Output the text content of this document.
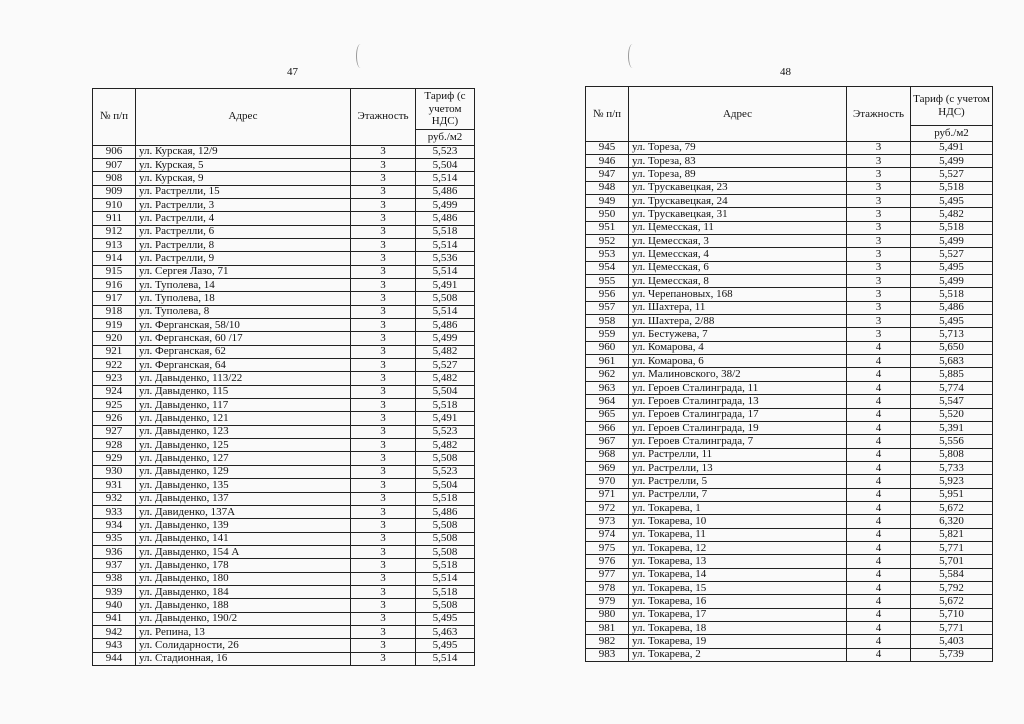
47
№ п/п	Адрес	Этажность	Тариф (с учетом НДС)
			руб./м2
906	ул. Курская, 12/9	3	5,523
907	ул. Курская, 5	3	5,504
908	ул. Курская, 9	3	5,514
909	ул. Растрелли, 15	3	5,486
910	ул. Растрелли, 3	3	5,499
911	ул. Растрелли, 4	3	5,486
912	ул. Растрелли, 6	3	5,518
913	ул. Растрелли, 8	3	5,514
914	ул. Растрелли, 9	3	5,536
915	ул. Сергея Лазо, 71	3	5,514
916	ул. Туполева, 14	3	5,491
917	ул. Туполева, 18	3	5,508
918	ул. Туполева, 8	3	5,514
919	ул. Ферганская, 58/10	3	5,486
920	ул. Ферганская, 60 /17	3	5,499
921	ул. Ферганская, 62	3	5,482
922	ул. Ферганская, 64	3	5,527
923	ул. Давыденко, 113/22	3	5,482
924	ул. Давыденко, 115	3	5,504
925	ул. Давыденко, 117	3	5,518
926	ул. Давыденко, 121	3	5,491
927	ул. Давыденко, 123	3	5,523
928	ул. Давыденко, 125	3	5,482
929	ул. Давыденко, 127	3	5,508
930	ул. Давыденко, 129	3	5,523
931	ул. Давыденко, 135	3	5,504
932	ул. Давыденко, 137	3	5,518
933	ул. Давиденко, 137А	3	5,486
934	ул. Давыденко, 139	3	5,508
935	ул. Давыденко, 141	3	5,508
936	ул. Давыденко, 154 А	3	5,508
937	ул. Давыденко, 178	3	5,518
938	ул. Давыденко, 180	3	5,514
939	ул. Давыденко, 184	3	5,518
940	ул. Давыденко, 188	3	5,508
941	ул. Давыденко, 190/2	3	5,495
942	ул. Репина, 13	3	5,463
943	ул. Солидарности, 26	3	5,495
944	ул. Стадионная, 16	3	5,514
48
№ п/п	Адрес	Этажность	Тариф (с учетом НДС)
			руб./м2
945	ул. Тореза, 79	3	5,491
946	ул. Тореза, 83	3	5,499
947	ул. Тореза, 89	3	5,527
948	ул. Трускавецкая, 23	3	5,518
949	ул. Трускавецкая, 24	3	5,495
950	ул. Трускавецкая, 31	3	5,482
951	ул. Цемесская, 11	3	5,518
952	ул. Цемесская, 3	3	5,499
953	ул. Цемесская, 4	3	5,527
954	ул. Цемесская, 6	3	5,495
955	ул. Цемесская, 8	3	5,499
956	ул. Черепановых, 168	3	5,518
957	ул. Шахтера, 11	3	5,486
958	ул. Шахтера, 2/88	3	5,495
959	ул. Бестужева, 7	3	5,713
960	ул. Комарова, 4	4	5,650
961	ул. Комарова, 6	4	5,683
962	ул. Малиновского, 38/2	4	5,885
963	ул. Героев Сталинграда, 11	4	5,774
964	ул. Героев Сталинграда, 13	4	5,547
965	ул. Героев Сталинграда, 17	4	5,520
966	ул. Героев Сталинграда, 19	4	5,391
967	ул. Героев Сталинграда, 7	4	5,556
968	ул. Растрелли, 11	4	5,808
969	ул. Растрелли, 13	4	5,733
970	ул. Растрелли, 5	4	5,923
971	ул. Растрелли, 7	4	5,951
972	ул. Токарева, 1	4	5,672
973	ул. Токарева, 10	4	6,320
974	ул. Токарева, 11	4	5,821
975	ул. Токарева, 12	4	5,771
976	ул. Токарева, 13	4	5,701
977	ул. Токарева, 14	4	5,584
978	ул. Токарева, 15	4	5,792
979	ул. Токарева, 16	4	5,672
980	ул. Токарева, 17	4	5,710
981	ул. Токарева, 18	4	5,771
982	ул. Токарева, 19	4	5,403
983	ул. Токарева, 2	4	5,739
